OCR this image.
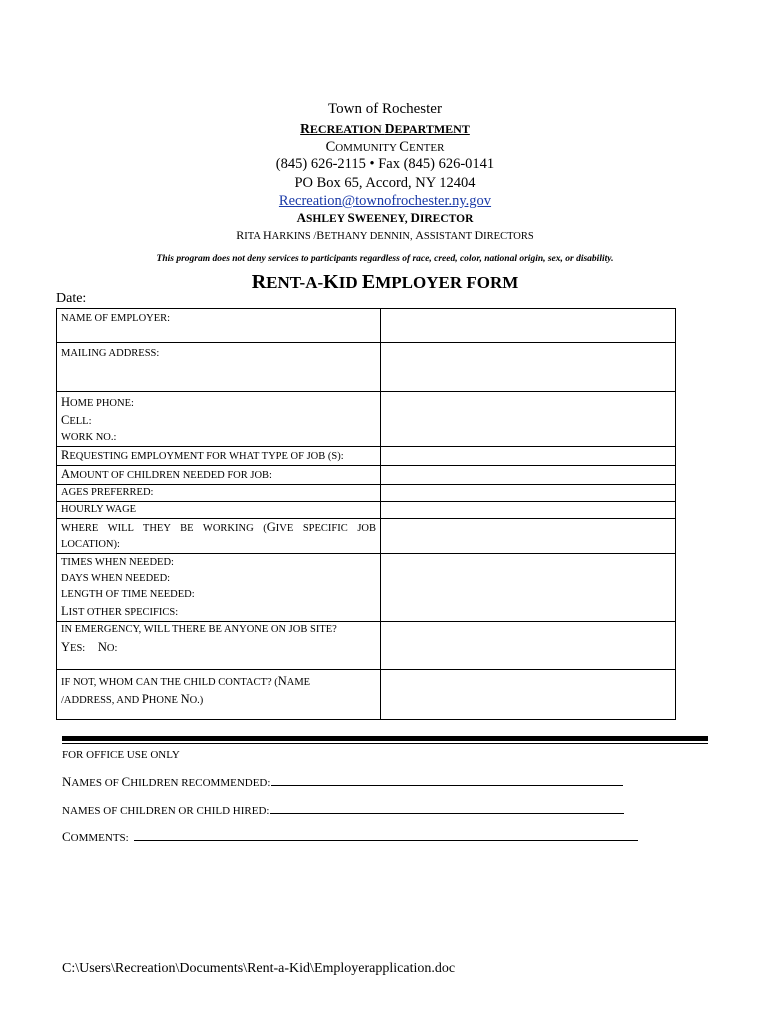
Town of Rochester
RECREATION DEPARTMENT
COMMUNITY CENTER
(845) 626-2115 • Fax (845) 626-0141
PO Box 65, Accord, NY 12404
Recreation@townofrochester.ny.gov
ASHLEY SWEENEY, DIRECTOR
RITA HARKINS /BETHANY DENNIN, ASSISTANT DIRECTORS
This program does not deny services to participants regardless of race, creed, color, national origin, sex, or disability.
RENT-A-KID EMPLOYER FORM
Date:
NAME OF EMPLOYER:	
MAILING ADDRESS:	

HOME PHONE:
CELL:
WORK NO.:	

REQUESTING EMPLOYMENT FOR WHAT TYPE OF JOB (S):	
AMOUNT OF CHILDREN NEEDED FOR JOB:	
AGES PREFERRED:	
HOURLY WAGE	
WHERE WILL THEY BE WORKING (GIVE SPECIFIC JOB LOCATION):	

TIMES WHEN NEEDED:
DAYS WHEN NEEDED:
LENGTH OF TIME NEEDED:
LIST OTHER SPECIFICS:	

IN EMERGENCY, WILL THERE BE ANYONE ON JOB SITE?
YES: NO:	

IF NOT, WHOM CAN THE CHILD CONTACT? (NAME /ADDRESS, AND PHONE NO.)	
FOR OFFICE USE ONLY
NAMES OF CHILDREN RECOMMENDED:
NAMES OF CHILDREN OR CHILD HIRED:
COMMENTS:
C:\Users\Recreation\Documents\Rent-a-Kid\Employerapplication.doc
